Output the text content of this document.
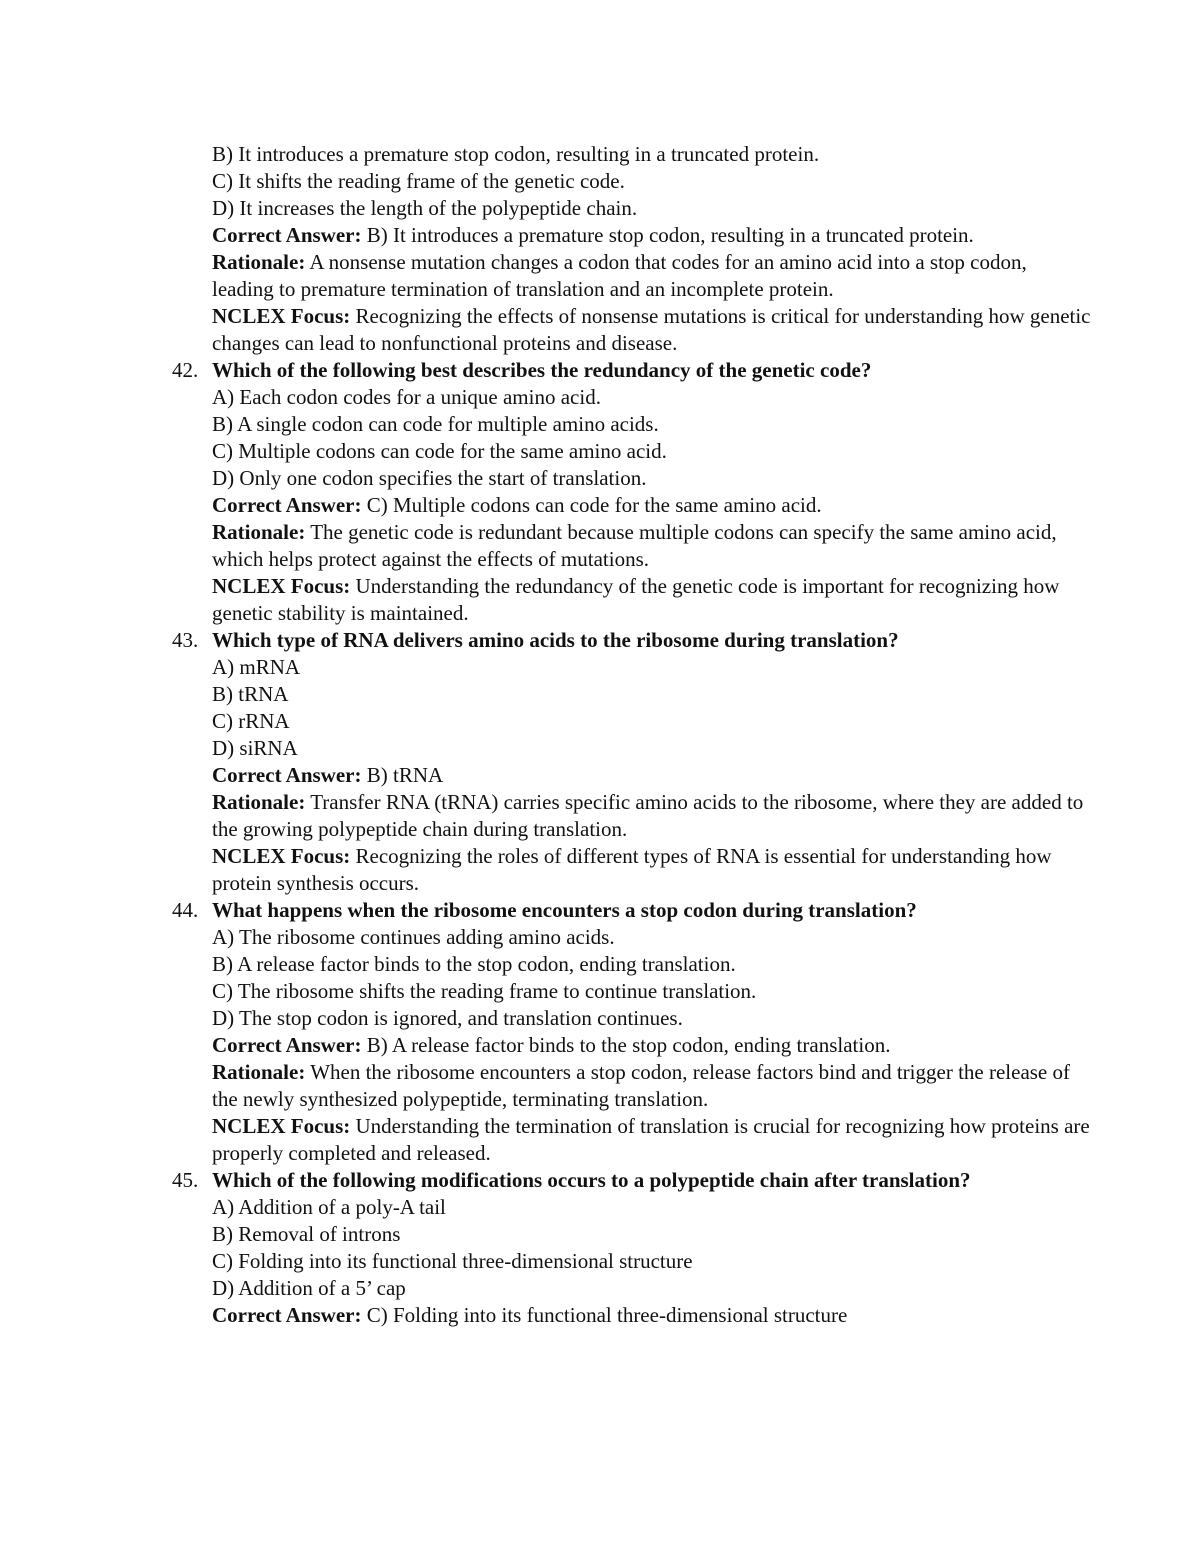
B) It introduces a premature stop codon, resulting in a truncated protein.
C) It shifts the reading frame of the genetic code.
D) It increases the length of the polypeptide chain.
Correct Answer: B) It introduces a premature stop codon, resulting in a truncated protein.
Rationale: A nonsense mutation changes a codon that codes for an amino acid into a stop codon, leading to premature termination of translation and an incomplete protein.
NCLEX Focus: Recognizing the effects of nonsense mutations is critical for understanding how genetic changes can lead to nonfunctional proteins and disease.
42. Which of the following best describes the redundancy of the genetic code?
A) Each codon codes for a unique amino acid.
B) A single codon can code for multiple amino acids.
C) Multiple codons can code for the same amino acid.
D) Only one codon specifies the start of translation.
Correct Answer: C) Multiple codons can code for the same amino acid.
Rationale: The genetic code is redundant because multiple codons can specify the same amino acid, which helps protect against the effects of mutations.
NCLEX Focus: Understanding the redundancy of the genetic code is important for recognizing how genetic stability is maintained.
43. Which type of RNA delivers amino acids to the ribosome during translation?
A) mRNA
B) tRNA
C) rRNA
D) siRNA
Correct Answer: B) tRNA
Rationale: Transfer RNA (tRNA) carries specific amino acids to the ribosome, where they are added to the growing polypeptide chain during translation.
NCLEX Focus: Recognizing the roles of different types of RNA is essential for understanding how protein synthesis occurs.
44. What happens when the ribosome encounters a stop codon during translation?
A) The ribosome continues adding amino acids.
B) A release factor binds to the stop codon, ending translation.
C) The ribosome shifts the reading frame to continue translation.
D) The stop codon is ignored, and translation continues.
Correct Answer: B) A release factor binds to the stop codon, ending translation.
Rationale: When the ribosome encounters a stop codon, release factors bind and trigger the release of the newly synthesized polypeptide, terminating translation.
NCLEX Focus: Understanding the termination of translation is crucial for recognizing how proteins are properly completed and released.
45. Which of the following modifications occurs to a polypeptide chain after translation?
A) Addition of a poly-A tail
B) Removal of introns
C) Folding into its functional three-dimensional structure
D) Addition of a 5’ cap
Correct Answer: C) Folding into its functional three-dimensional structure
